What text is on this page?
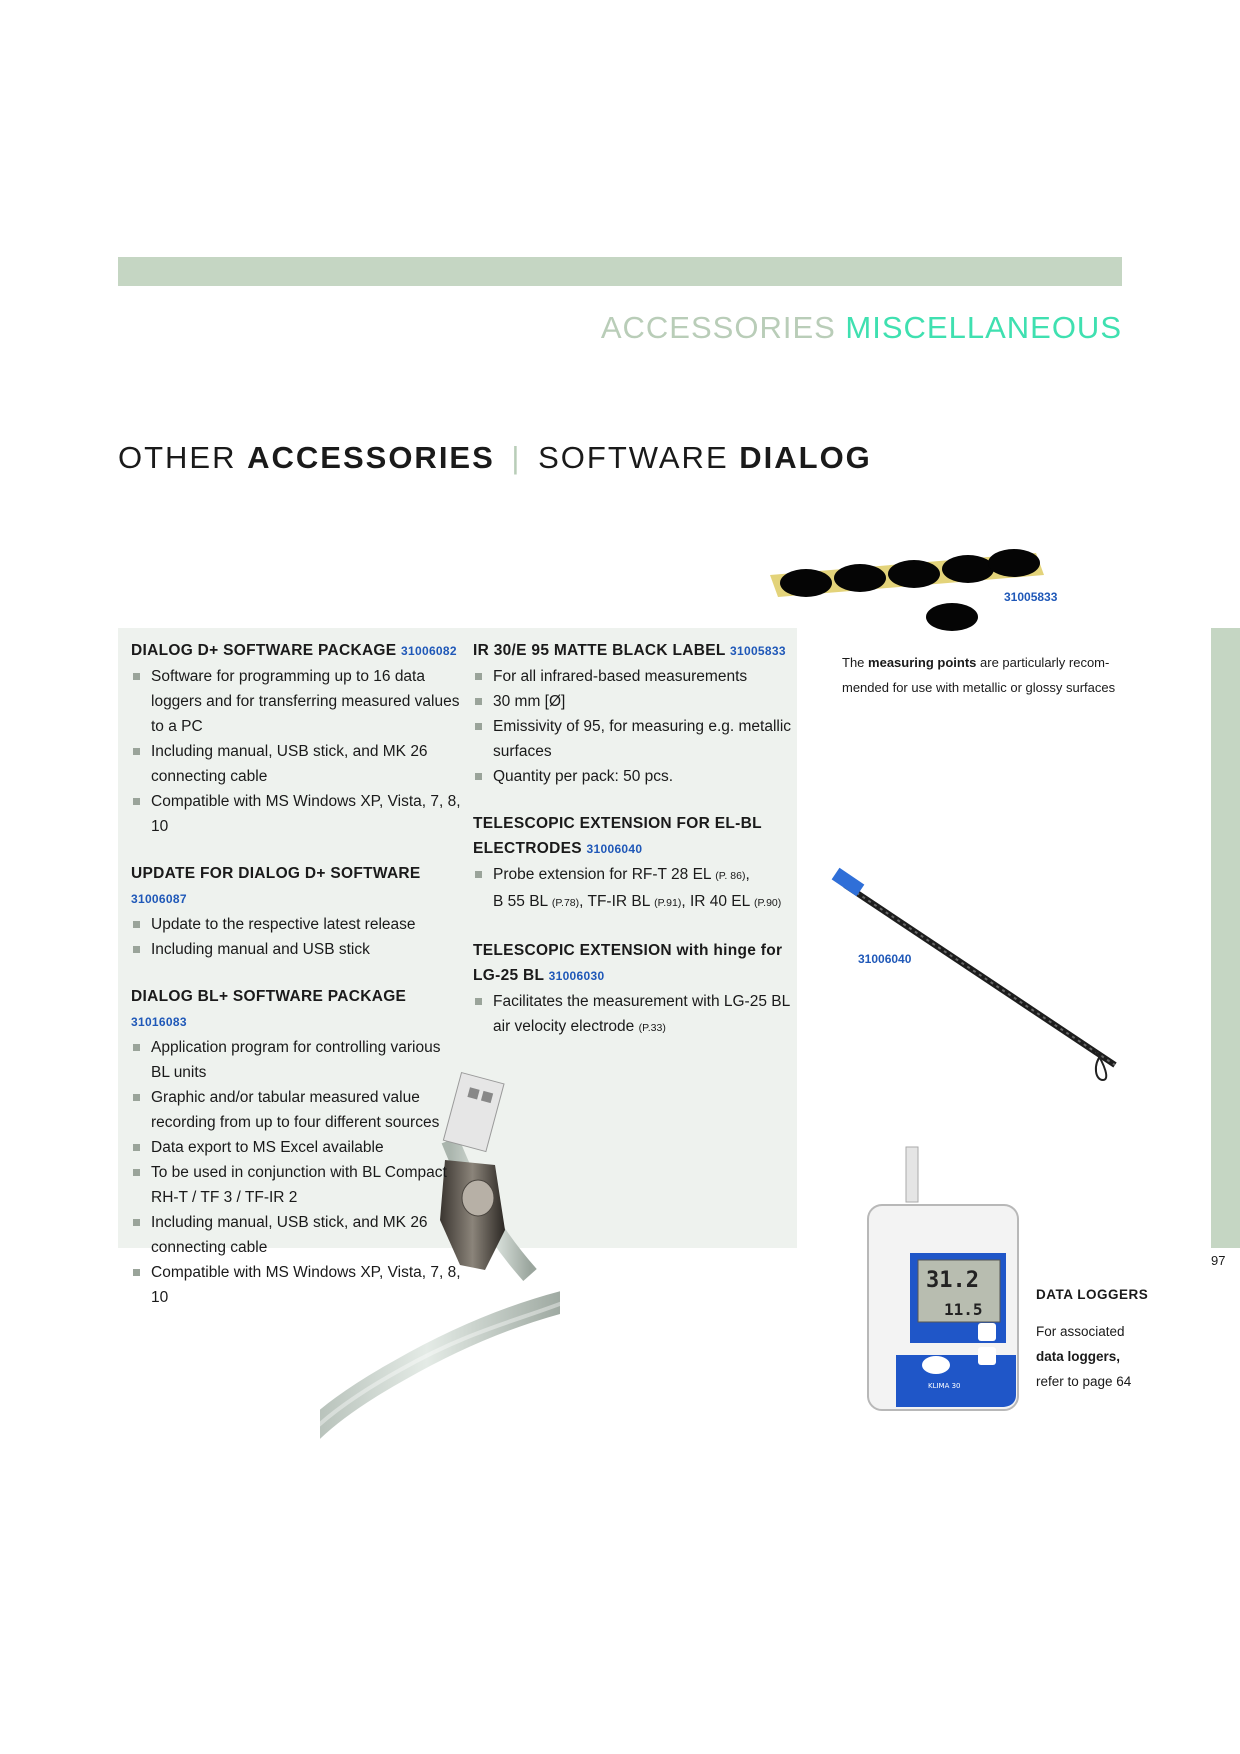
ACCESSORIES MISCELLANEOUS
OTHER ACCESSORIES | SOFTWARE DIALOG
DIALOG D+ SOFTWARE PACKAGE 31006082
Software for programming up to 16 data loggers and for transferring measured values to a PC
Including manual, USB stick, and MK 26 connecting cable
Compatible with MS Windows XP, Vista, 7, 8, 10
UPDATE FOR DIALOG D+ SOFTWARE 31006087
Update to the respective latest release
Including manual and USB stick
DIALOG BL+ SOFTWARE PACKAGE 31016083
Application program for controlling various BL units
Graphic and/or tabular measured value recording from up to four different sources
Data export to MS Excel available
To be used in conjunction with BL Compact RH-T / TF 3 / TF-IR 2
Including manual, USB stick, and MK 26 connecting cable
Compatible with MS Windows XP, Vista, 7, 8, 10
IR 30/E 95 MATTE BLACK LABEL 31005833
For all infrared-based measurements
30 mm [Ø]
Emissivity of 95, for measuring e.g. metallic surfaces
Quantity per pack: 50 pcs.
TELESCOPIC EXTENSION FOR EL-BL ELECTRODES 31006040
Probe extension for RF-T 28 EL (P. 86),
B 55 BL (P.78), TF-IR BL (P.91), IR 40 EL (P.90)
TELESCOPIC EXTENSION with hinge for LG-25 BL 31006030
Facilitates the measurement with LG-25 BL air velocity electrode (P.33)
31005833
The measuring points are particularly recom-mended for use with metallic or glossy surfaces
31006040
31.2
11.5
KLIMA 30
DATA LOGGERS
For associated
data loggers,
refer to page 64
97
